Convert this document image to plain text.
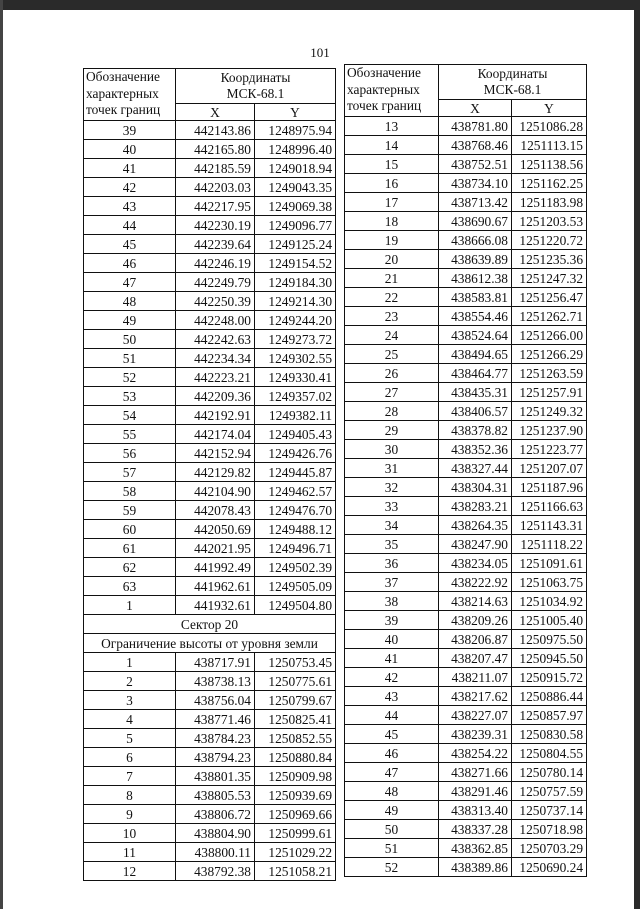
101
Обозначение
характерных
точек границ	Координаты
МСК-68.1	
	X	Y
39	442143.86	1248975.94
40	442165.80	1248996.40
41	442185.59	1249018.94
42	442203.03	1249043.35
43	442217.95	1249069.38
44	442230.19	1249096.77
45	442239.64	1249125.24
46	442246.19	1249154.52
47	442249.79	1249184.30
48	442250.39	1249214.30
49	442248.00	1249244.20
50	442242.63	1249273.72
51	442234.34	1249302.55
52	442223.21	1249330.41
53	442209.36	1249357.02
54	442192.91	1249382.11
55	442174.04	1249405.43
56	442152.94	1249426.76
57	442129.82	1249445.87
58	442104.90	1249462.57
59	442078.43	1249476.70
60	442050.69	1249488.12
61	442021.95	1249496.71
62	441992.49	1249502.39
63	441962.61	1249505.09
1	441932.61	1249504.80
Сектор 20		
Ограничение высоты от уровня земли		
1	438717.91	1250753.45
2	438738.13	1250775.61
3	438756.04	1250799.67
4	438771.46	1250825.41
5	438784.23	1250852.55
6	438794.23	1250880.84
7	438801.35	1250909.98
8	438805.53	1250939.69
9	438806.72	1250969.66
10	438804.90	1250999.61
11	438800.11	1251029.22
12	438792.38	1251058.21
Обозначение
характерных
точек границ	Координаты
МСК-68.1	
	X	Y
13	438781.80	1251086.28
14	438768.46	1251113.15
15	438752.51	1251138.56
16	438734.10	1251162.25
17	438713.42	1251183.98
18	438690.67	1251203.53
19	438666.08	1251220.72
20	438639.89	1251235.36
21	438612.38	1251247.32
22	438583.81	1251256.47
23	438554.46	1251262.71
24	438524.64	1251266.00
25	438494.65	1251266.29
26	438464.77	1251263.59
27	438435.31	1251257.91
28	438406.57	1251249.32
29	438378.82	1251237.90
30	438352.36	1251223.77
31	438327.44	1251207.07
32	438304.31	1251187.96
33	438283.21	1251166.63
34	438264.35	1251143.31
35	438247.90	1251118.22
36	438234.05	1251091.61
37	438222.92	1251063.75
38	438214.63	1251034.92
39	438209.26	1251005.40
40	438206.87	1250975.50
41	438207.47	1250945.50
42	438211.07	1250915.72
43	438217.62	1250886.44
44	438227.07	1250857.97
45	438239.31	1250830.58
46	438254.22	1250804.55
47	438271.66	1250780.14
48	438291.46	1250757.59
49	438313.40	1250737.14
50	438337.28	1250718.98
51	438362.85	1250703.29
52	438389.86	1250690.24
